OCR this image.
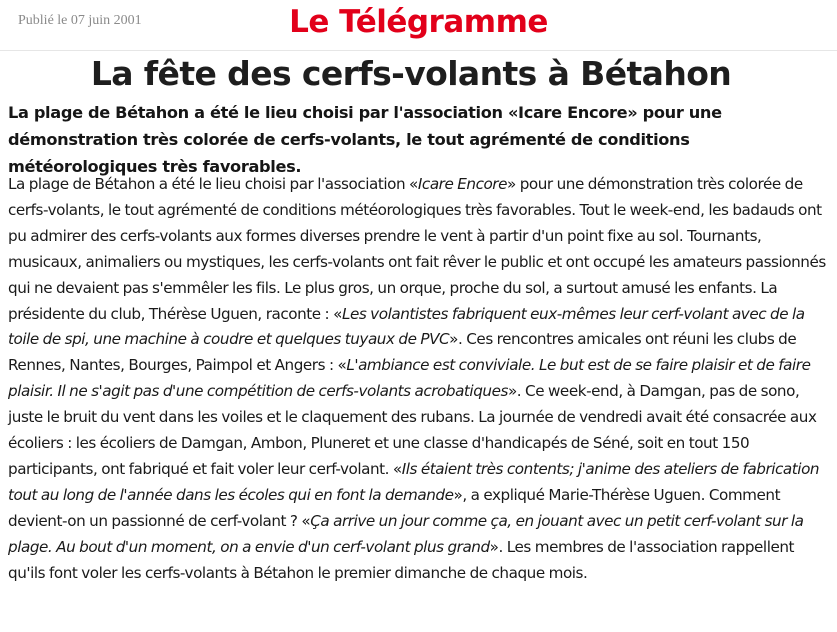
Publié le 07 juin 2001	Le Télégramme
La fête des cerfs-volants à Bétahon

La plage de Bétahon a été le lieu choisi par l'association «Icare Encore» pour une démonstration très colorée de cerfs-volants, le tout agrémenté de conditions météorologiques très favorables.

La plage de Bétahon a été le lieu choisi par l'association «Icare Encore» pour une démonstration très colorée de cerfs-volants, le tout agrémenté de conditions météorologiques très favorables. Tout le week-end, les badauds ont pu admirer des cerfs-volants aux formes diverses prendre le vent à partir d'un point fixe au sol. Tournants, musicaux, animaliers ou mystiques, les cerfs-volants ont fait rêver le public et ont occupé les amateurs passionnés qui ne devaient pas s'emmêler les fils. Le plus gros, un orque, proche du sol, a surtout amusé les enfants. La présidente du club, Thérèse Uguen, raconte : «Les volantistes fabriquent eux-mêmes leur cerf-volant avec de la toile de spi, une machine à coudre et quelques tuyaux de PVC». Ces rencontres amicales ont réuni les clubs de Rennes, Nantes, Bourges, Paimpol et Angers : «L'ambiance est conviviale. Le but est de se faire plaisir et de faire plaisir. Il ne s'agit pas d'une compétition de cerfs-volants acrobatiques». Ce week-end, à Damgan, pas de sono, juste le bruit du vent dans les voiles et le claquement des rubans. La journée de vendredi avait été consacrée aux écoliers : les écoliers de Damgan, Ambon, Pluneret et une classe d'handicapés de Séné, soit en tout 150 participants, ont fabriqué et fait voler leur cerf-volant. «Ils étaient très contents; j'anime des ateliers de fabrication tout au long de l'année dans les écoles qui en font la demande», a expliqué Marie-Thérèse Uguen. Comment devient-on un passionné de cerf-volant ? «Ça arrive un jour comme ça, en jouant avec un petit cerf-volant sur la plage. Au bout d'un moment, on a envie d'un cerf-volant plus grand». Les membres de l'association rappellent qu'ils font voler les cerfs-volants à Bétahon le premier dimanche de chaque mois.
